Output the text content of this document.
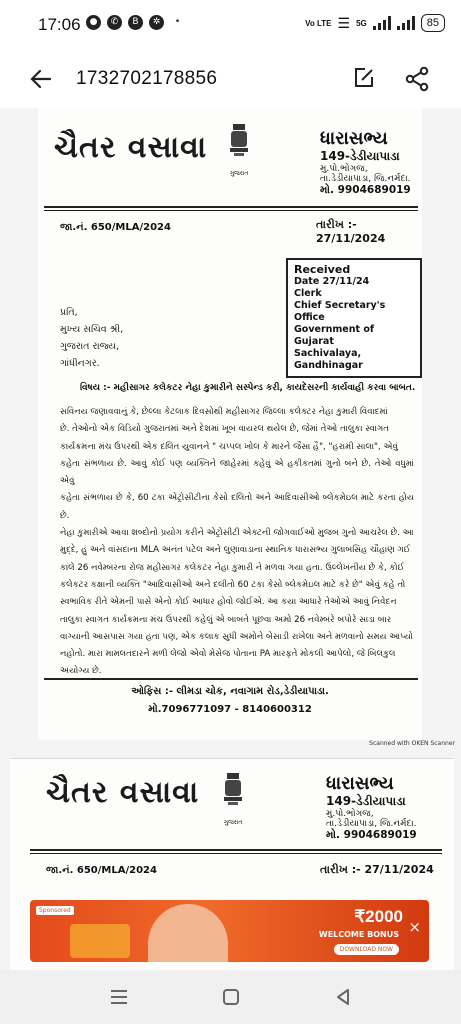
17:06	●	✆	B	✲	•	Vo LTE ☰ 5G	85
1732702178856
ચૈતર વસાવા
ગુજરાત
ધારાસભ્ય
149-ડેડીયાપાડા
મુ.પો.ભોગજ,
તા.ડેડીયાપાડા, જિ.નર્મદા.
મો. 9904689019
જા.નં. 650/MLA/2024	તારીખ :- 27/11/2024
Received
Date 27/11/24
Clerk
Chief Secretary's Office
Government of Gujarat
Sachivalaya, Gandhinagar
પ્રતિ,
મુખ્ય સચિવ શ્રી,
ગુજરાત રાજ્ય,
ગાંધીનગર.
વિષય :- મહીસાગર કલેકટર નેહા કુમારીને સસ્પેન્ડ કરી, કાયદેસરની કાર્યવાહી કરવા બાબત.
સવિનય જણાવવાનું કે, છેલ્લા કેટલાક દિવસોથી મહીસાગર જિલ્લા કલેક્ટર નેહા કુમારી વિવાદમાં
છે. તેઓનો એક વિડિયો ગુજરાતમાં અને દેશમાં ખૂબ વાયરલ થયેલ છે, જેમાં તેઓ તાલુકા સ્વાગત
કાર્યક્રમના મંચ ઉપરથી એક દલિત યુવાનને " ચપ્પલ ખોલ કે મારને જૈસા હૈ", "હરામી સાલા", એવું
કહેતા સંભળાય છે. આવું કોઈ પણ વ્યક્તિને જાહેરમાં કહેવું એ હકીકતમાં ગુનો બને છે. તેઓ વધુમાં એવું
કહેતા સંભળાય છે કે, 60 ટકા એટ્રોસીટીના કેસો દલિતો અને આદિવાસીઓ બ્લેકમેઇલ માટે કરતા હોય છે.
નેહા કુમારીએ આવા શબ્દોનો પ્રયોગ કરીને એટ્રોસીટી એક્ટની જોગવાઈઓ મુજબ ગુનો આચરેલ છે. આ
મુદ્દે, હું અને વાંસદાના MLA અનંત પટેલ અને લુણાવાડાના સ્થાનિક ધારાસભ્ય ગુલાબસિંહ ચૌહાણ ગઈ
કાલે 26 નવેમ્બરના રોજ મહીસાગર કલેકટર નેહા કુમારી ને મળવા ગયા હતા. ઉલ્લેખનીય છે કે, કોઈ
કલેકટર કક્ષાની વ્યક્તિ "આદિવાસીઓ અને દલીતો 60 ટકા કેસો બ્લેકમેઇલ માટે કરે છે" એવું કહે તો
સ્વભાવિક રીતે એમની પાસે એનો કોઈ આધાર હોવો જોઈએ. આ કયા આધારે તેઓએ આવું નિવેદન
તાલુકા સ્વાગત કાર્યક્રમના મંચ ઉપરથી કહેલું એ બાબતે પૂછવા અમો 26 નવેમ્બરે બપોરે સાડા બાર
વાગ્યાની આસપાસ ગયા હતા પણ, એક કલાક સુધી અમોને બેસાડી રાખેલા અને મળવાનો સમય આપ્યો
નહોતો. મારા મામલતદારને મળી લેજો એવો મેસેજ પોતાના PA મારફતે મોકલી આપેલો, જે બિલકુલ
અયોગ્ય છે.
ઓફિસ :- લીમડા ચોક, નવાગામ રોડ,ડેડીયાપાડા.
મો.7096771097 - 8140600312
Scanned with OKEN Scanner
ચૈતર વસાવા
ગુજરાત
ધારાસભ્ય
149-ડેડીયાપાડા
મુ.પો.ભોગજ,
તા.ડેડીયાપાડા, જિ.નર્મદા.
મો. 9904689019
જા.નં. 650/MLA/2024	તારીખ :- 27/11/2024
Sponsored	₹2000
WELCOME BONUS
DOWNLOAD NOW
×
